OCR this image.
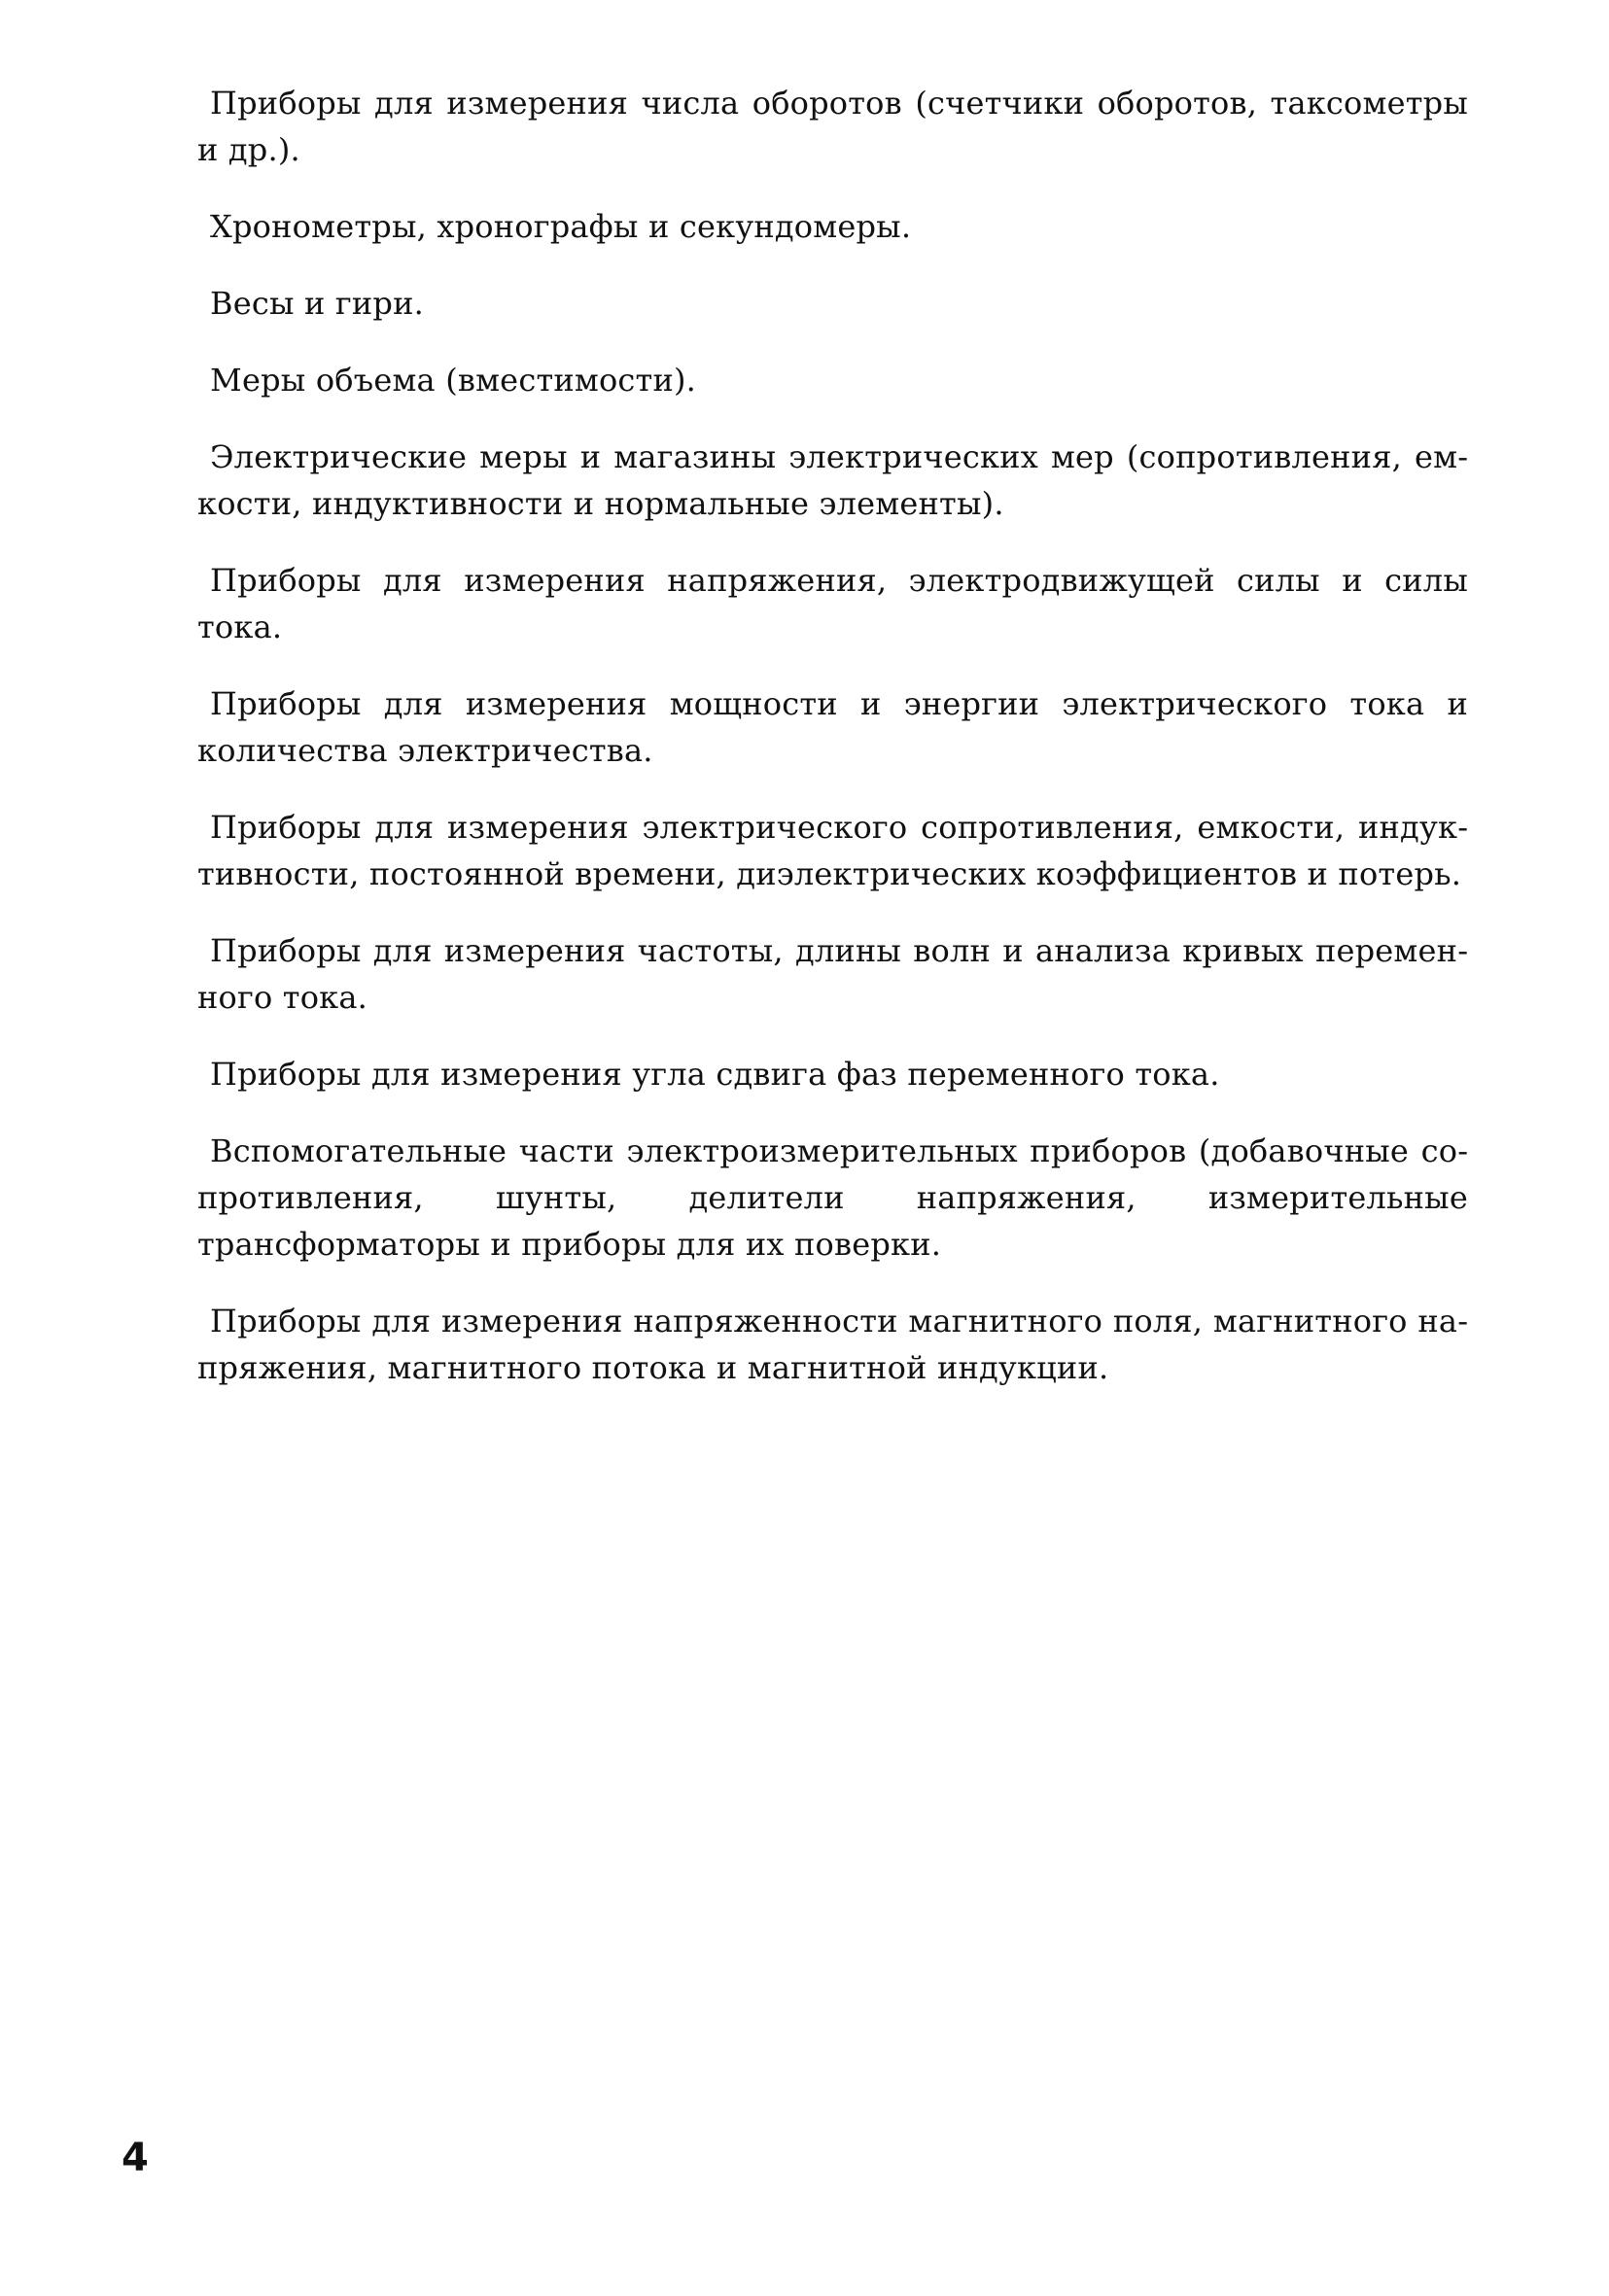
Приборы для измерения числа оборотов (счетчики оборотов, таксометры и др.).

Хронометры, хронографы и секундомеры.

Весы и гири.

Меры объема (вместимости).

Электрические меры и магазины электрических мер (сопротивления, емкости, индуктивности и нормальные элементы).

Приборы для измерения напряжения, электродвижущей силы и силы тока.

Приборы для измерения мощности и энергии электрического тока и количества электричества.

Приборы для измерения электрического сопротивления, емкости, индуктивности, постоянной времени, диэлектрических коэффициентов и потерь.

Приборы для измерения частоты, длины волн и анализа кривых переменного тока.

Приборы для измерения угла сдвига фаз переменного тока.

Вспомогательные части электроизмерительных приборов (добавочные сопротивления, шунты, делители напряжения, измерительные трансформаторы и приборы для их поверки.

Приборы для измерения напряженности магнитного поля, магнитного напряжения, магнитного потока и магнитной индукции.

4
